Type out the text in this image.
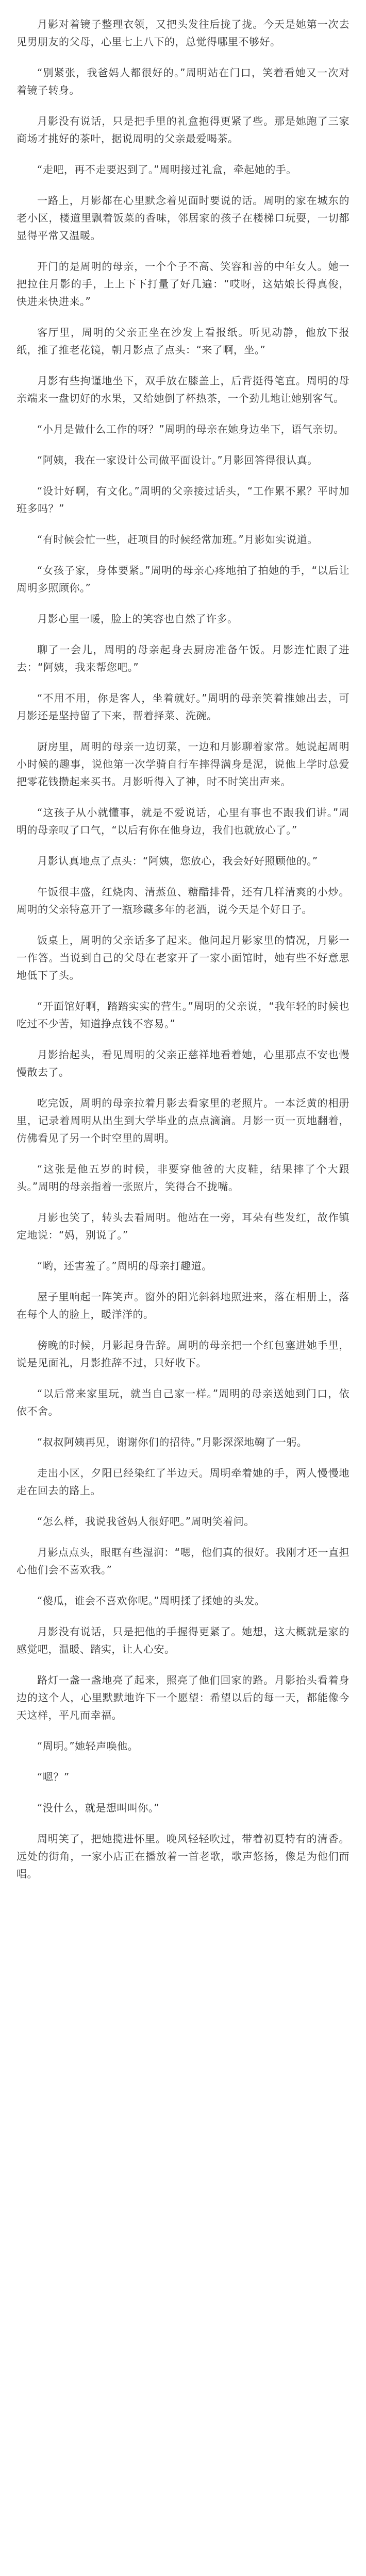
月影对着镜子整理衣领，又把头发往后拢了拢。今天是她第一次去见男朋友的父母，心里七上八下的，总觉得哪里不够好。

“别紧张，我爸妈人都很好的。”周明站在门口，笑着看她又一次对着镜子转身。

月影没有说话，只是把手里的礼盒抱得更紧了些。那是她跑了三家商场才挑好的茶叶，据说周明的父亲最爱喝茶。

“走吧，再不走要迟到了。”周明接过礼盒，牵起她的手。

一路上，月影都在心里默念着见面时要说的话。周明的家在城东的老小区，楼道里飘着饭菜的香味，邻居家的孩子在楼梯口玩耍，一切都显得平常又温暖。

开门的是周明的母亲，一个个子不高、笑容和善的中年女人。她一把拉住月影的手，上上下下打量了好几遍：“哎呀，这姑娘长得真俊，快进来快进来。”

客厅里，周明的父亲正坐在沙发上看报纸。听见动静，他放下报纸，推了推老花镜，朝月影点了点头：“来了啊，坐。”

月影有些拘谨地坐下，双手放在膝盖上，后背挺得笔直。周明的母亲端来一盘切好的水果，又给她倒了杯热茶，一个劲儿地让她别客气。

“小月是做什么工作的呀？”周明的母亲在她身边坐下，语气亲切。

“阿姨，我在一家设计公司做平面设计。”月影回答得很认真。

“设计好啊，有文化。”周明的父亲接过话头，“工作累不累？平时加班多吗？”

“有时候会忙一些，赶项目的时候经常加班。”月影如实说道。

“女孩子家，身体要紧。”周明的母亲心疼地拍了拍她的手，“以后让周明多照顾你。”

月影心里一暖，脸上的笑容也自然了许多。

聊了一会儿，周明的母亲起身去厨房准备午饭。月影连忙跟了进去：“阿姨，我来帮您吧。”

“不用不用，你是客人，坐着就好。”周明的母亲笑着推她出去，可月影还是坚持留了下来，帮着择菜、洗碗。

厨房里，周明的母亲一边切菜，一边和月影聊着家常。她说起周明小时候的趣事，说他第一次学骑自行车摔得满身是泥，说他上学时总爱把零花钱攒起来买书。月影听得入了神，时不时笑出声来。

“这孩子从小就懂事，就是不爱说话，心里有事也不跟我们讲。”周明的母亲叹了口气，“以后有你在他身边，我们也就放心了。”

月影认真地点了点头：“阿姨，您放心，我会好好照顾他的。”

午饭很丰盛，红烧肉、清蒸鱼、糖醋排骨，还有几样清爽的小炒。周明的父亲特意开了一瓶珍藏多年的老酒，说今天是个好日子。

饭桌上，周明的父亲话多了起来。他问起月影家里的情况，月影一一作答。当说到自己的父母在老家开了一家小面馆时，她有些不好意思地低下了头。

“开面馆好啊，踏踏实实的营生。”周明的父亲说，“我年轻的时候也吃过不少苦，知道挣点钱不容易。”

月影抬起头，看见周明的父亲正慈祥地看着她，心里那点不安也慢慢散去了。

吃完饭，周明的母亲拉着月影去看家里的老照片。一本泛黄的相册里，记录着周明从出生到大学毕业的点点滴滴。月影一页一页地翻着，仿佛看见了另一个时空里的周明。

“这张是他五岁的时候，非要穿他爸的大皮鞋，结果摔了个大跟头。”周明的母亲指着一张照片，笑得合不拢嘴。

月影也笑了，转头去看周明。他站在一旁，耳朵有些发红，故作镇定地说：“妈，别说了。”

“哟，还害羞了。”周明的母亲打趣道。

屋子里响起一阵笑声。窗外的阳光斜斜地照进来，落在相册上，落在每个人的脸上，暖洋洋的。

傍晚的时候，月影起身告辞。周明的母亲把一个红包塞进她手里，说是见面礼，月影推辞不过，只好收下。

“以后常来家里玩，就当自己家一样。”周明的母亲送她到门口，依依不舍。

“叔叔阿姨再见，谢谢你们的招待。”月影深深地鞠了一躬。

走出小区，夕阳已经染红了半边天。周明牵着她的手，两人慢慢地走在回去的路上。

“怎么样，我说我爸妈人很好吧。”周明笑着问。

月影点点头，眼眶有些湿润：“嗯，他们真的很好。我刚才还一直担心他们会不喜欢我。”

“傻瓜，谁会不喜欢你呢。”周明揉了揉她的头发。

月影没有说话，只是把他的手握得更紧了。她想，这大概就是家的感觉吧，温暖、踏实，让人心安。

路灯一盏一盏地亮了起来，照亮了他们回家的路。月影抬头看着身边的这个人，心里默默地许下一个愿望：希望以后的每一天，都能像今天这样，平凡而幸福。

“周明。”她轻声唤他。

“嗯？”

“没什么，就是想叫叫你。”

周明笑了，把她揽进怀里。晚风轻轻吹过，带着初夏特有的清香。远处的街角，一家小店正在播放着一首老歌，歌声悠扬，像是为他们而唱。
